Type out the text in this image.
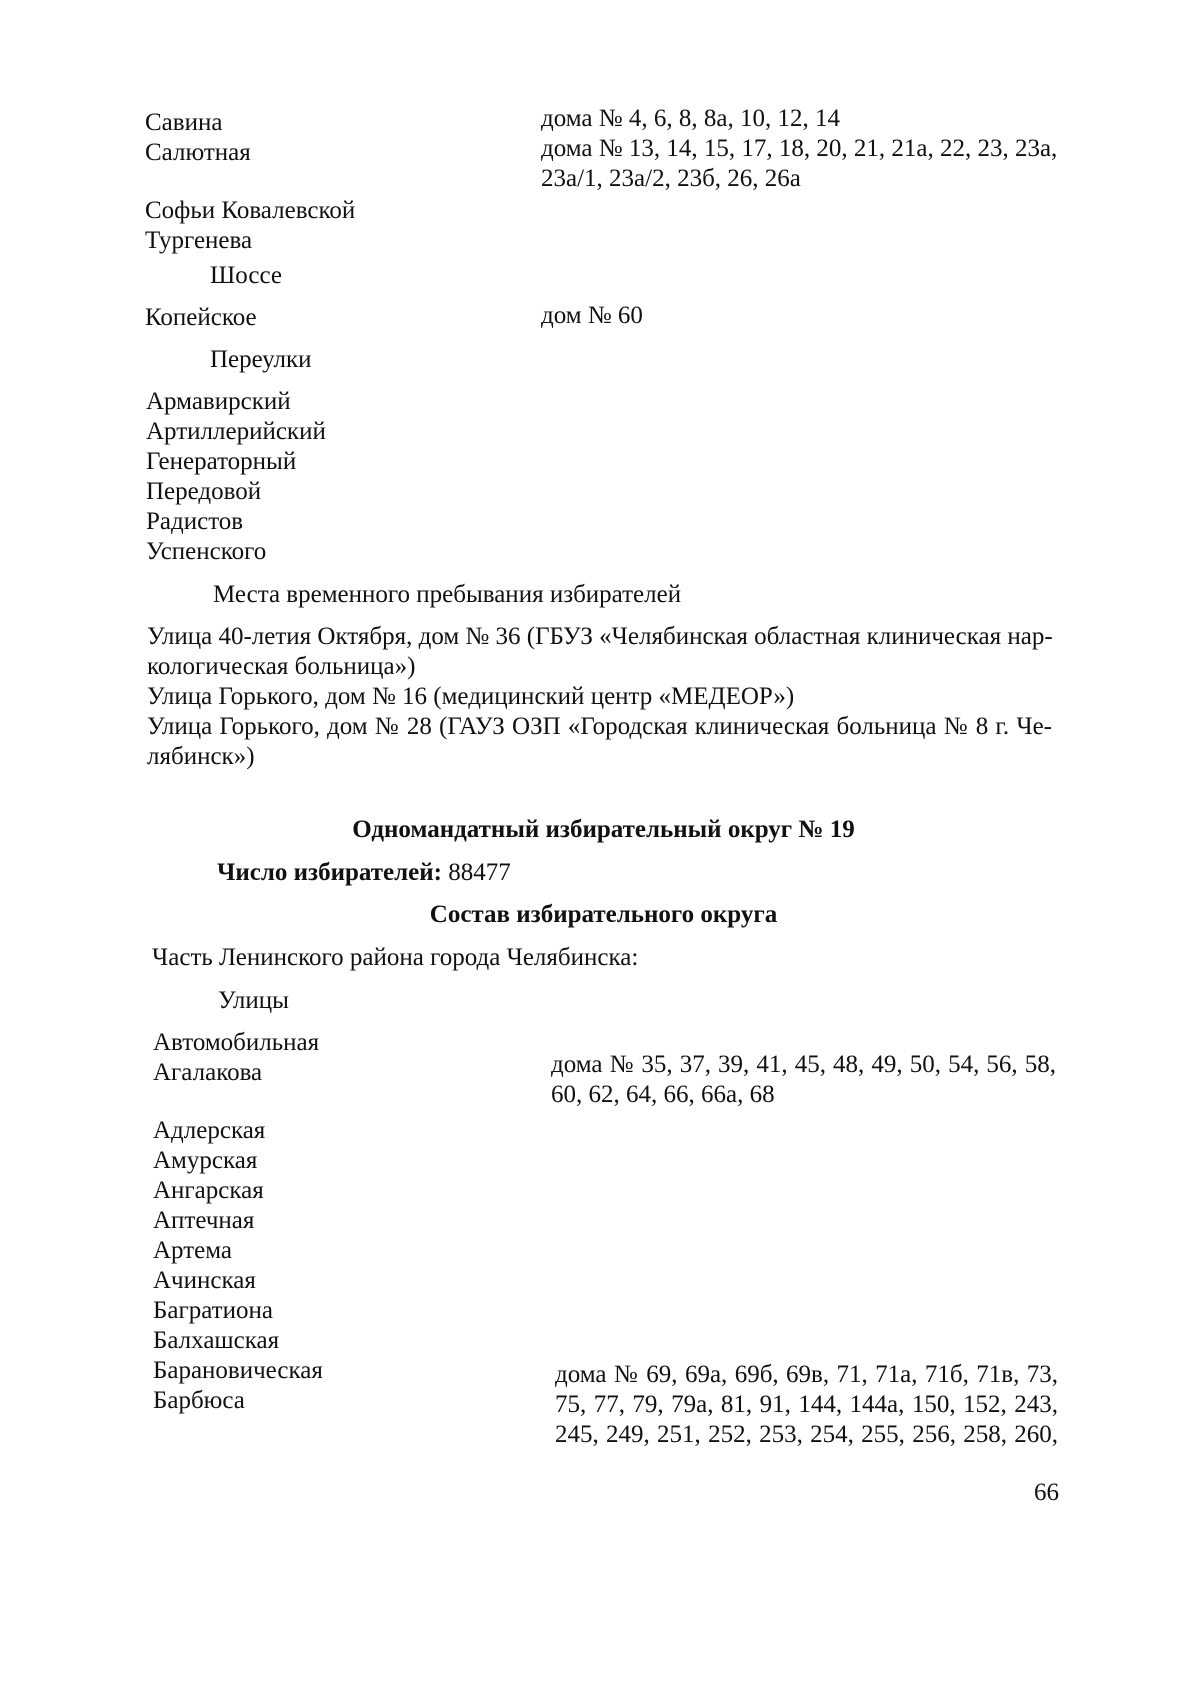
Савина
Салютная
Софьи Ковалевской
Тургенева
дома № 4, 6, 8, 8а, 10, 12, 14
дома № 13, 14, 15, 17, 18, 20, 21, 21а, 22, 23, 23а,
23а/1, 23а/2, 23б, 26, 26а
Шоссе
Копейское	дом № 60
Переулки
Армавирский
Артиллерийский
Генераторный
Передовой
Радистов
Успенского
Места временного пребывания избирателей
Улица 40-летия Октября, дом № 36 (ГБУЗ «Челябинская областная клиническая нар-
кологическая больница»)
Улица Горького, дом № 16 (медицинский центр «МЕДЕОР»)
Улица Горького, дом № 28 (ГАУЗ ОЗП «Городская клиническая больница № 8 г. Че-
лябинск»)
Одномандатный избирательный округ № 19
Число избирателей: 88477
Состав избирательного округа
Часть Ленинского района города Челябинска:
Улицы
Автомобильная
Агалакова
Адлерская
Амурская
Ангарская
Аптечная
Артема
Ачинская
Багратиона
Балхашская
Барановическая
Барбюса
дома № 35, 37, 39, 41, 45, 48, 49, 50, 54, 56, 58,
60, 62, 64, 66, 66а, 68
дома № 69, 69а, 69б, 69в, 71, 71а, 71б, 71в, 73,
75, 77, 79, 79а, 81, 91, 144, 144а, 150, 152, 243,
245, 249, 251, 252, 253, 254, 255, 256, 258, 260,
66
